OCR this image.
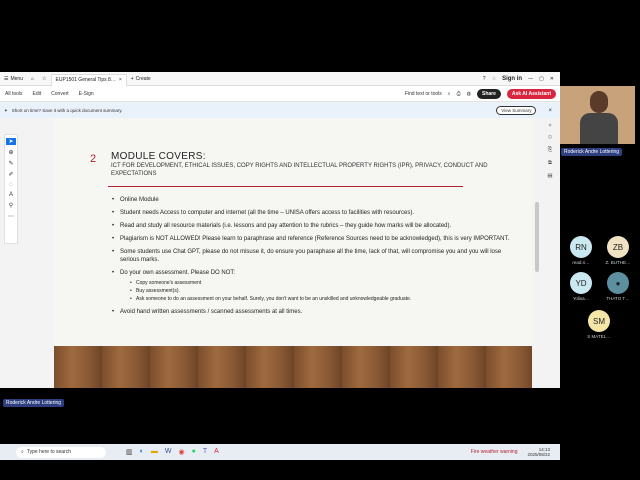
☰ Menu	⌂	☆	EUP1501 General Tips 8… × + Create	? ♢ Sign in — ▢ ✕
All tools	Edit	Convert	E-Sign	Find text or tools ⌕ ⎙ ◍	Share	Ask AI Assistant
✦ Short on time? Save it with a quick document summary.	View Summary	×
➤
⊕
✎
✐
◌
A
⚲
⋯
2 MODULE COVERS:
ICT FOR DEVELOPMENT, ETHICAL ISSUES, COPY RIGHTS AND INTELLECTUAL PROPERTY RIGHTS (IPR), PRIVACY, CONDUCT AND EXPECTATIONS
• Online Module
• Student needs Access to computer and internet (all the time – UNISA offers access to facilities with resources).
• Read and study all resource materials (i.e. lessons and pay attention to the rubrics – they guide how marks will be allocated).
• Plagiarism is NOT ALLOWED! Please learn to paraphrase and reference (Reference Sources need to be acknowledged), this is very IMPORTANT.
• Some students use Chat GPT, please do not misuse it, do ensure you paraphase all the time, lack of that, will compromise you and you will lose serious marks.
• Do your own assessment. Please DO NOT:
• Copy someone's assessment
• Buy assessment(s).
• Ask someone to do an assessment on your behalf. Surely, you don't want to be an unskilled and unknowledgeable graduate.
• Avoid hand written assessments / scanned assessments at all times.
✧
⌑
⎘
⧉
▤
⌕ Type here to search	▥ ◐ ▬ W ◉ ● T A	Fire weather warning	14:13
2025/08/22
Roderick Andre Lottering
RN
read.ri…
ZB
Z. BUTHE…
YD
Yolisa…
●
THATO T…
SM
S MATEL…
Roderick Andre Lottering
